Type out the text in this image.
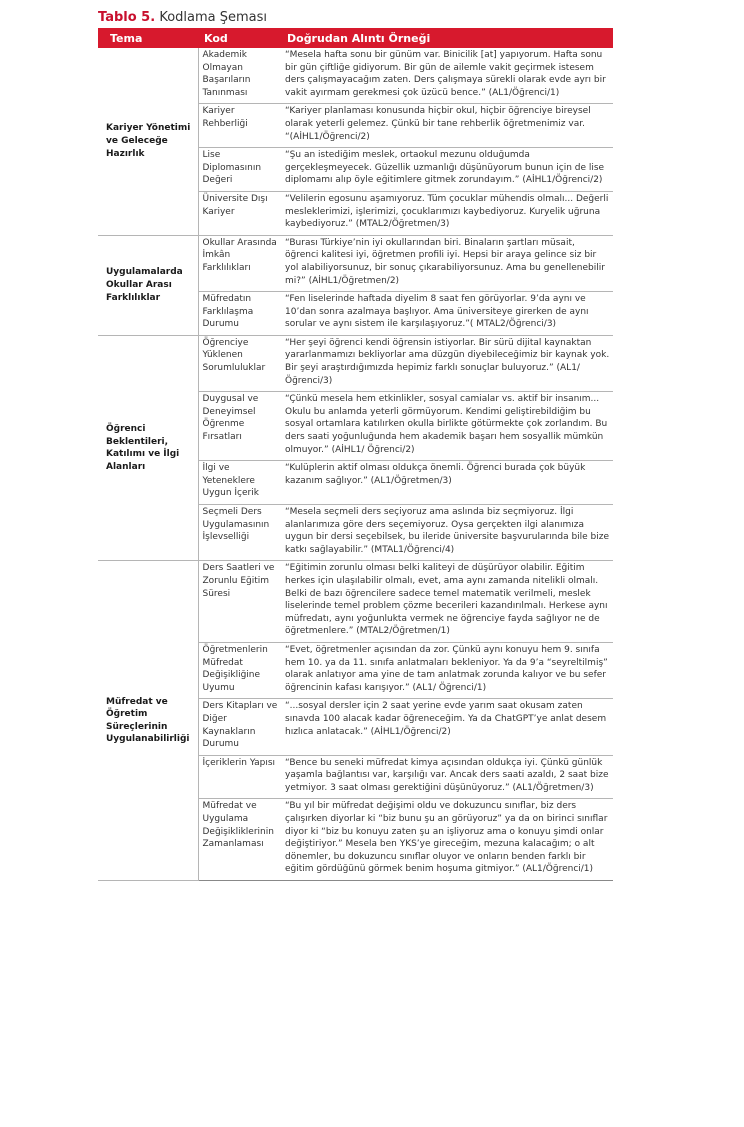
Tablo 5. Kodlama Şeması
Tema	Kod	Doğrudan Alıntı Örneği
Kariyer Yönetimi ve Geleceğe Hazırlık	Akademik Olmayan Başarıların Tanınması	“Mesela hafta sonu bir günüm var. Binicilik [at] yapıyorum. Hafta sonu bir gün çiftliğe gidiyorum. Bir gün de ailemle vakit geçirmek istesem ders çalışmayacağım zaten. Ders çalışmaya sürekli olarak evde ayrı bir vakit ayırmam gerekmesi çok üzücü bence.” (AL1/Öğrenci/1)
	Kariyer Rehberliği	“Kariyer planlaması konusunda hiçbir okul, hiçbir öğrenciye bireysel olarak yeterli gelemez. Çünkü bir tane rehberlik öğretmenimiz var. “(AİHL1/Öğrenci/2)
	Lise Diplomasının Değeri	“Şu an istediğim meslek, ortaokul mezunu olduğumda gerçekleşmeyecek. Güzellik uzmanlığı düşünüyorum bunun için de lise diplomamı alıp öyle eğitimlere gitmek zorundayım.” (AİHL1/Öğrenci/2)
	Üniversite Dışı Kariyer	“Velilerin egosunu aşamıyoruz. Tüm çocuklar mühendis olmalı... Değerli mesleklerimizi, işlerimizi, çocuklarımızı kaybediyoruz. Kuryelik uğruna kaybediyoruz.” (MTAL2/Öğretmen/3)
Uygulamalarda Okullar Arası Farklılıklar	Okullar Arasında İmkân Farklılıkları	“Burası Türkiye’nin iyi okullarından biri. Binaların şartları müsait, öğrenci kalitesi iyi, öğretmen profili iyi. Hepsi bir araya gelince siz bir yol alabiliyorsunuz, bir sonuç çıkarabiliyorsunuz. Ama bu genellenebilir mi?” (AİHL1/Öğretmen/2)
	Müfredatın Farklılaşma Durumu	“Fen liselerinde haftada diyelim 8 saat fen görüyorlar. 9’da aynı ve 10’dan sonra azalmaya başlıyor. Ama üniversiteye girerken de aynı sorular ve aynı sistem ile karşılaşıyoruz.”( MTAL2/Öğrenci/3)
Öğrenci Beklentileri, Katılımı ve İlgi Alanları	Öğrenciye Yüklenen Sorumluluklar	“Her şeyi öğrenci kendi öğrensin istiyorlar. Bir sürü dijital kaynaktan yararlanmamızı bekliyorlar ama düzgün diyebileceğimiz bir kaynak yok. Bir şeyi araştırdığımızda hepimiz farklı sonuçlar buluyoruz.” (AL1/Öğrenci/3)
	Duygusal ve Deneyimsel Öğrenme Fırsatları	“Çünkü mesela hem etkinlikler, sosyal camialar vs. aktif bir insanım... Okulu bu anlamda yeterli görmüyorum. Kendimi geliştirebildiğim bu sosyal ortamlara katılırken okulla birlikte götürmekte çok zorlandım. Bu ders saati yoğunluğunda hem akademik başarı hem sosyallik mümkün olmuyor.” (AİHL1/ Öğrenci/2)
	İlgi ve Yeteneklere Uygun İçerik	“Kulüplerin aktif olması oldukça önemli. Öğrenci burada çok büyük kazanım sağlıyor.” (AL1/Öğretmen/3)
	Seçmeli Ders Uygulamasının İşlevselliği	“Mesela seçmeli ders seçiyoruz ama aslında biz seçmiyoruz. İlgi alanlarımıza göre ders seçemiyoruz. Oysa gerçekten ilgi alanımıza uygun bir dersi seçebilsek, bu ileride üniversite başvurularında bile bize katkı sağlayabilir.” (MTAL1/Öğrenci/4)
Müfredat ve Öğretim Süreçlerinin Uygulanabilirliği	Ders Saatleri ve Zorunlu Eğitim Süresi	“Eğitimin zorunlu olması belki kaliteyi de düşürüyor olabilir. Eğitim herkes için ulaşılabilir olmalı, evet, ama aynı zamanda nitelikli olmalı. Belki de bazı öğrencilere sadece temel matematik verilmeli, meslek liselerinde temel problem çözme becerileri kazandırılmalı. Herkese aynı müfredatı, aynı yoğunlukta vermek ne öğrenciye fayda sağlıyor ne de öğretmenlere.” (MTAL2/Öğretmen/1)
	Öğretmenlerin Müfredat Değişikliğine Uyumu	“Evet, öğretmenler açısından da zor. Çünkü aynı konuyu hem 9. sınıfa hem 10. ya da 11. sınıfa anlatmaları bekleniyor. Ya da 9’a “seyreltilmiş” olarak anlatıyor ama yine de tam anlatmak zorunda kalıyor ve bu sefer öğrencinin kafası karışıyor.” (AL1/ Öğrenci/1)
	Ders Kitapları ve Diğer Kaynakların Durumu	“...sosyal dersler için 2 saat yerine evde yarım saat okusam zaten sınavda 100 alacak kadar öğreneceğim. Ya da ChatGPT’ye anlat desem hızlıca anlatacak.” (AİHL1/Öğrenci/2)
	İçeriklerin Yapısı	“Bence bu seneki müfredat kimya açısından oldukça iyi. Çünkü günlük yaşamla bağlantısı var, karşılığı var. Ancak ders saati azaldı, 2 saat bize yetmiyor. 3 saat olması gerektiğini düşünüyoruz.” (AL1/Öğretmen/3)
	Müfredat ve Uygulama Değişikliklerinin Zamanlaması	“Bu yıl bir müfredat değişimi oldu ve dokuzuncu sınıflar, biz ders çalışırken diyorlar ki “biz bunu şu an görüyoruz” ya da on birinci sınıflar diyor ki “biz bu konuyu zaten şu an işliyoruz ama o konuyu şimdi onlar değiştiriyor.” Mesela ben YKS’ye gireceğim, mezuna kalacağım; o alt dönemler, bu dokuzuncu sınıflar oluyor ve onların benden farklı bir eğitim gördüğünü görmek benim hoşuma gitmiyor.” (AL1/Öğrenci/1)
